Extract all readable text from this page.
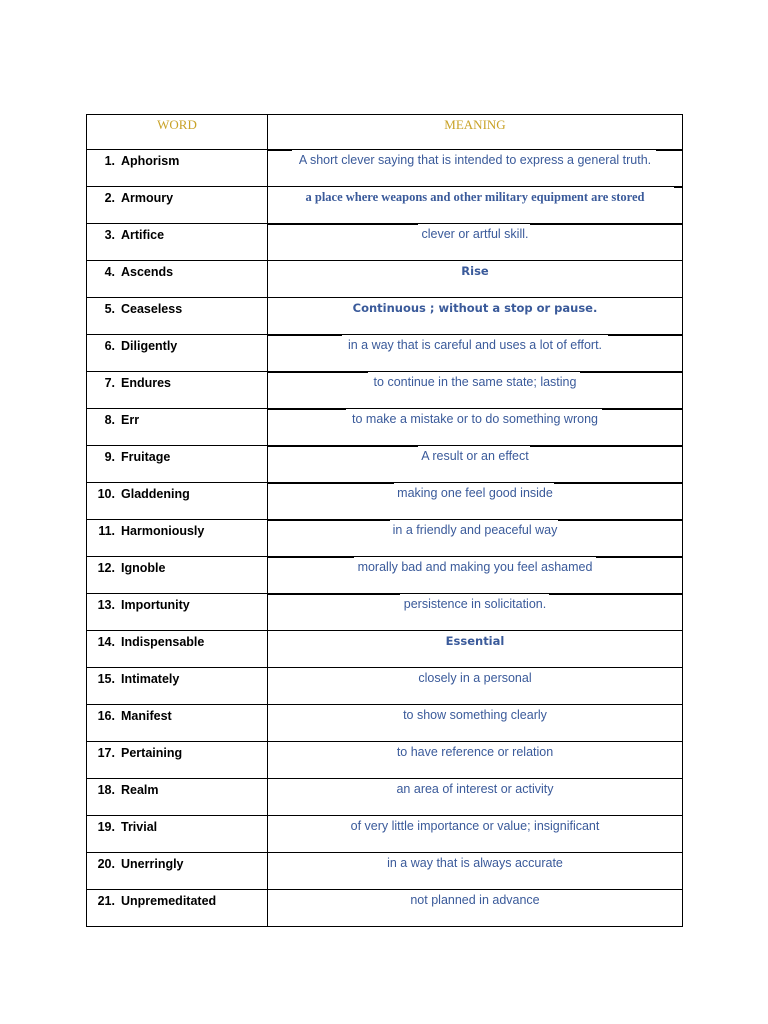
WORD	MEANING
1. Aphorism	A short clever saying that is intended to express a general truth.

2. Armoury	a place where weapons and other military equipment are stored

3. Artifice	clever or artful skill.

4. Ascends	Rise
5. Ceaseless	Continuous ; without a stop or pause.
6. Diligently	in a way that is careful and uses a lot of effort.

7. Endures	to continue in the same state; lasting

8. Err	to make a mistake or to do something wrong

9. Fruitage	A result or an effect

10. Gladdening	making one feel good inside

11. Harmoniously	in a friendly and peaceful way

12. Ignoble	morally bad and making you feel ashamed

13. Importunity	persistence in solicitation.

14. Indispensable	Essential
15. Intimately	closely in a personal
16. Manifest	to show something clearly
17. Pertaining	to have reference or relation
18. Realm	an area of interest or activity
19. Trivial	of very little importance or value; insignificant
20. Unerringly	in a way that is always accurate
21. Unpremeditated	not planned in advance
